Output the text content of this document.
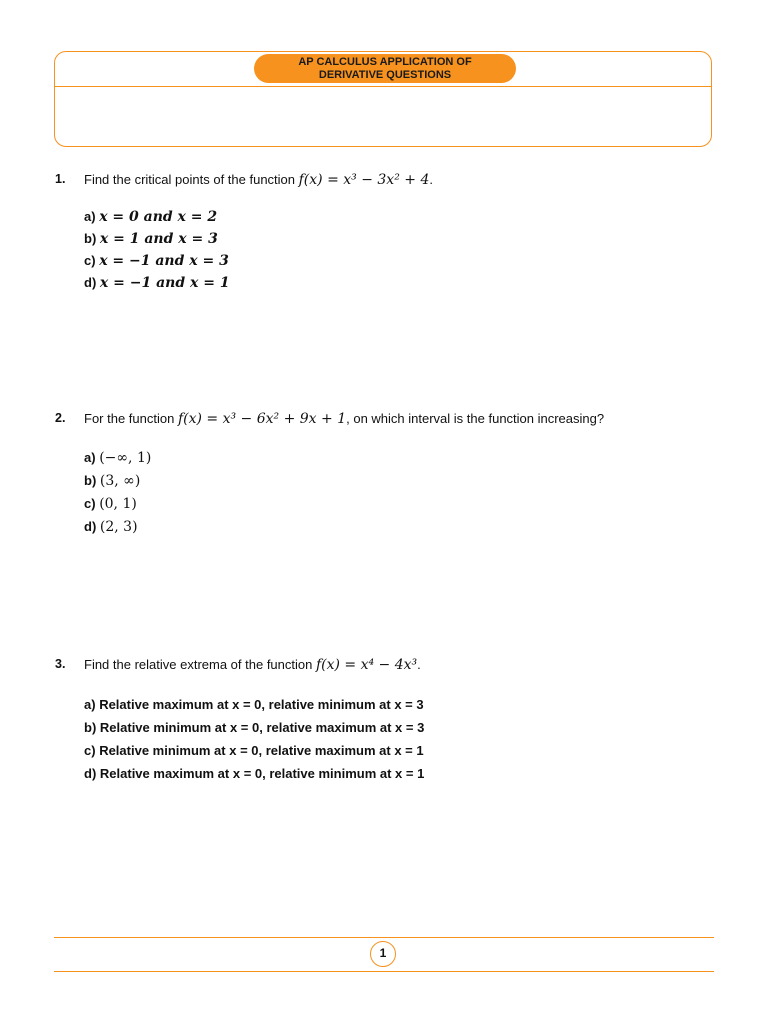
AP CALCULUS APPLICATION OF
DERIVATIVE QUESTIONS
1. Find the critical points of the function f(x) = x³ − 3x² + 4.
a) x = 0 and x = 2
b) x = 1 and x = 3
c) x = −1 and x = 3
d) x = −1 and x = 1
2. For the function f(x) = x³ − 6x² + 9x + 1, on which interval is the function increasing?
a) (−∞, 1)
b) (3, ∞)
c) (0, 1)
d) (2, 3)
3. Find the relative extrema of the function f(x) = x⁴ − 4x³.
a) Relative maximum at x = 0, relative minimum at x = 3
b) Relative minimum at x = 0, relative maximum at x = 3
c) Relative minimum at x = 0, relative maximum at x = 1
d) Relative maximum at x = 0, relative minimum at x = 1
1
